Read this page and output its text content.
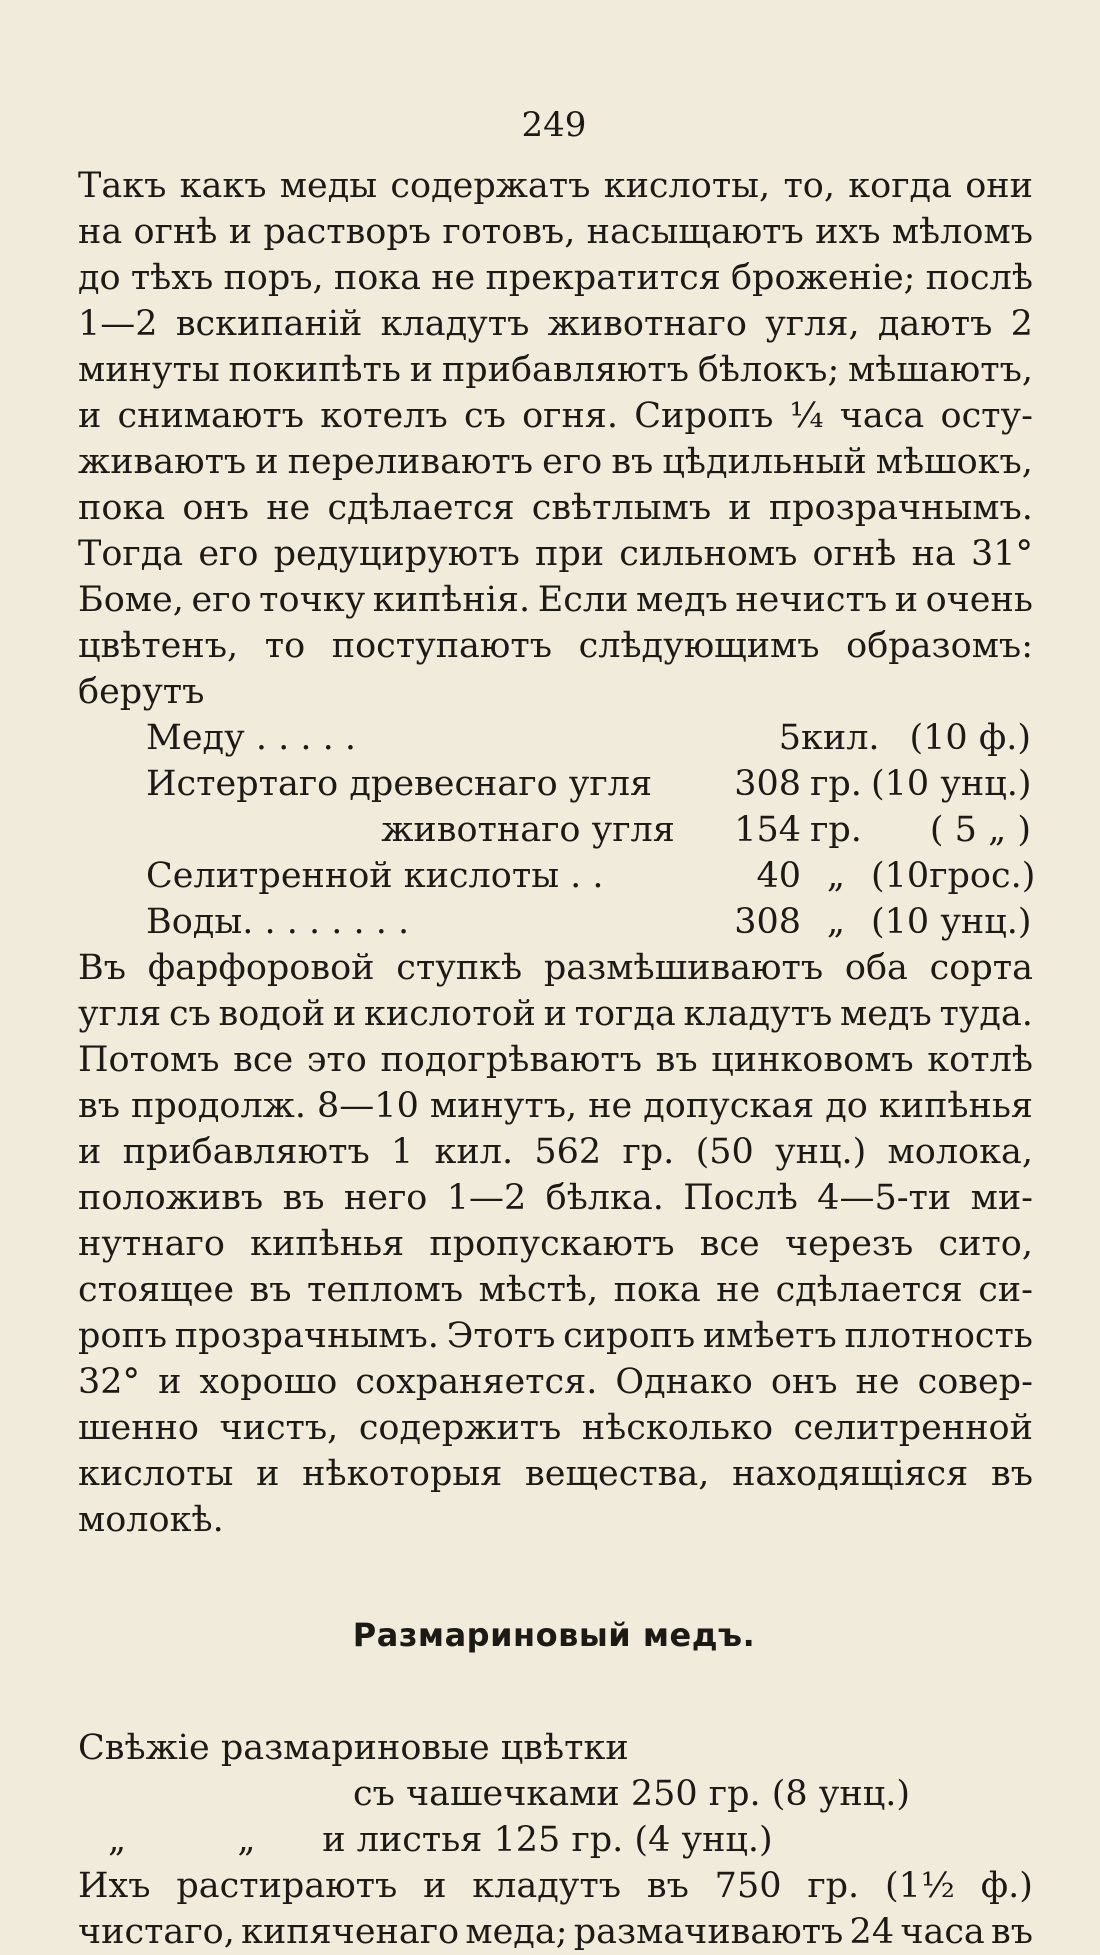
249
Такъ какъ меды содержатъ кислоты, то, когда они
на огнѣ и растворъ готовъ, насыщаютъ ихъ мѣломъ
до тѣхъ поръ, пока не прекратится броженiе; послѣ
1—2 вскипанiй кладутъ животнаго угля, даютъ 2
минуты покипѣть и прибавляютъ бѣлокъ; мѣшаютъ,
и снимаютъ котелъ съ огня. Сиропъ ¼ часа осту-
живаютъ и переливаютъ его въ цѣдильный мѣшокъ,
пока онъ не сдѣлается свѣтлымъ и прозрачнымъ.
Тогда его редуцируютъ при сильномъ огнѣ на 31°
Боме, его точку кипѣнiя. Если медъ нечистъ и очень
цвѣтенъ, то поступаютъ слѣдующимъ образомъ:
берутъ
Меду . . . . .	5 кил. (10 ф.)
Истертаго древеснаго угля	308 гр. (10 унц.)
животнаго угля	154 гр.	( 5 „ )
Селитренной кислоты . .	40 „ (10грос.)
Воды. . . . . . . .	308 „ (10 унц.)
Въ фарфоровой ступкѣ размѣшиваютъ оба сорта
угля съ водой и кислотой и тогда кладутъ медъ туда.
Потомъ все это подогрѣваютъ въ цинковомъ котлѣ
въ продолж. 8—10 минутъ, не допуская до кипѣнья
и прибавляютъ 1 кил. 562 гр. (50 унц.) молока,
положивъ въ него 1—2 бѣлка. Послѣ 4—5-ти ми-
нутнаго кипѣнья пропускаютъ все черезъ сито,
стоящее въ тепломъ мѣстѣ, пока не сдѣлается си-
ропъ прозрачнымъ. Этотъ сиропъ имѣетъ плотность
32° и хорошо сохраняется. Однако онъ не совер-
шенно чистъ, содержитъ нѣсколько селитренной
кислоты и нѣкоторыя вещества, находящiяся въ
молокѣ.
Размариновый медъ.
Свѣжiе размариновые цвѣтки
съ чашечками 250 гр. (8 унц.)
„          „      и листья 125 гр. (4 унц.)
Ихъ растираютъ и кладутъ въ 750 гр. (1½ ф.)
чистаго, кипяченаго меда; размачиваютъ 24 часа въ
